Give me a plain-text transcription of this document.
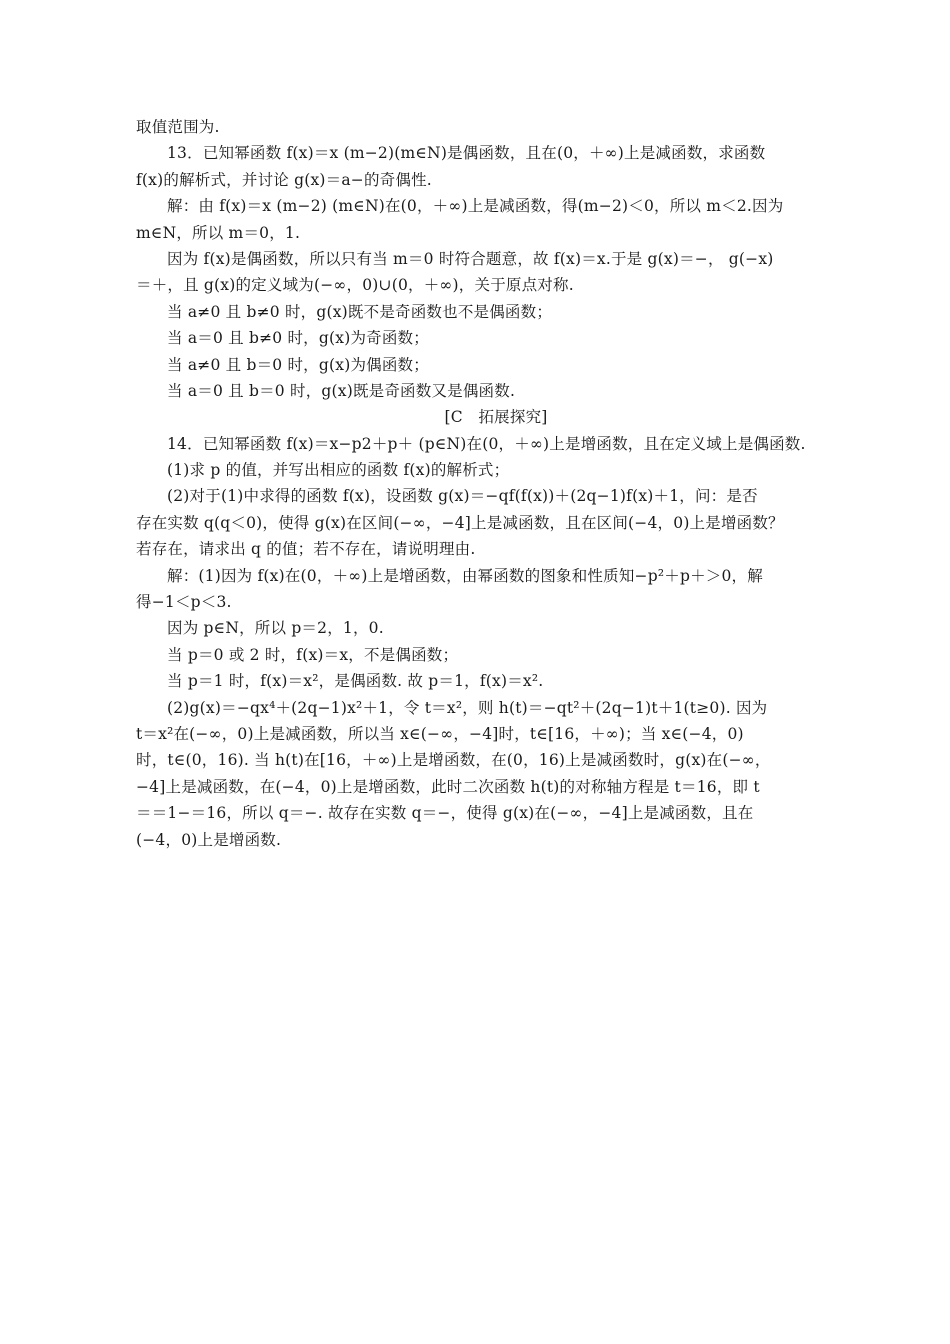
取值范围为.
13．已知幂函数 f(x)＝x (m−2)(m∈N)是偶函数，且在(0，＋∞)上是减函数，求函数
f(x)的解析式，并讨论 g(x)＝a−的奇偶性.
解：由 f(x)＝x (m−2) (m∈N)在(0，＋∞)上是减函数，得(m−2)＜0，所以 m＜2.因为
m∈N，所以 m＝0，1.
因为 f(x)是偶函数，所以只有当 m＝0 时符合题意，故 f(x)＝x.于是 g(x)＝−， g(−x)
＝＋，且 g(x)的定义域为(−∞，0)∪(0，＋∞)，关于原点对称.
当 a≠0 且 b≠0 时，g(x)既不是奇函数也不是偶函数；
当 a＝0 且 b≠0 时，g(x)为奇函数；
当 a≠0 且 b＝0 时，g(x)为偶函数；
当 a＝0 且 b＝0 时，g(x)既是奇函数又是偶函数.
[C　拓展探究]
14．已知幂函数 f(x)＝x−p2＋p＋ (p∈N)在(0，＋∞)上是增函数，且在定义域上是偶函数.
(1)求 p 的值，并写出相应的函数 f(x)的解析式；
(2)对于(1)中求得的函数 f(x)，设函数 g(x)＝−qf(f(x))＋(2q−1)f(x)＋1，问：是否
存在实数 q(q＜0)，使得 g(x)在区间(−∞，−4]上是减函数，且在区间(−4，0)上是增函数？
若存在，请求出 q 的值；若不存在，请说明理由.
解：(1)因为 f(x)在(0，＋∞)上是增函数，由幂函数的图象和性质知−p²＋p＋＞0，解
得−1＜p＜3.
因为 p∈N，所以 p＝2，1，0.
当 p＝0 或 2 时，f(x)＝x，不是偶函数；
当 p＝1 时，f(x)＝x²，是偶函数. 故 p＝1，f(x)＝x².
(2)g(x)＝−qx⁴＋(2q−1)x²＋1，令 t＝x²，则 h(t)＝−qt²＋(2q−1)t＋1(t≥0). 因为
t＝x²在(−∞，0)上是减函数，所以当 x∈(−∞，−4]时，t∈[16，＋∞)；当 x∈(−4，0)
时，t∈(0，16). 当 h(t)在[16，＋∞)上是增函数，在(0，16)上是减函数时，g(x)在(−∞，
−4]上是减函数，在(−4，0)上是增函数，此时二次函数 h(t)的对称轴方程是 t＝16，即 t
＝＝1−＝16，所以 q＝−. 故存在实数 q＝−，使得 g(x)在(−∞，−4]上是减函数，且在
(−4，0)上是增函数.
